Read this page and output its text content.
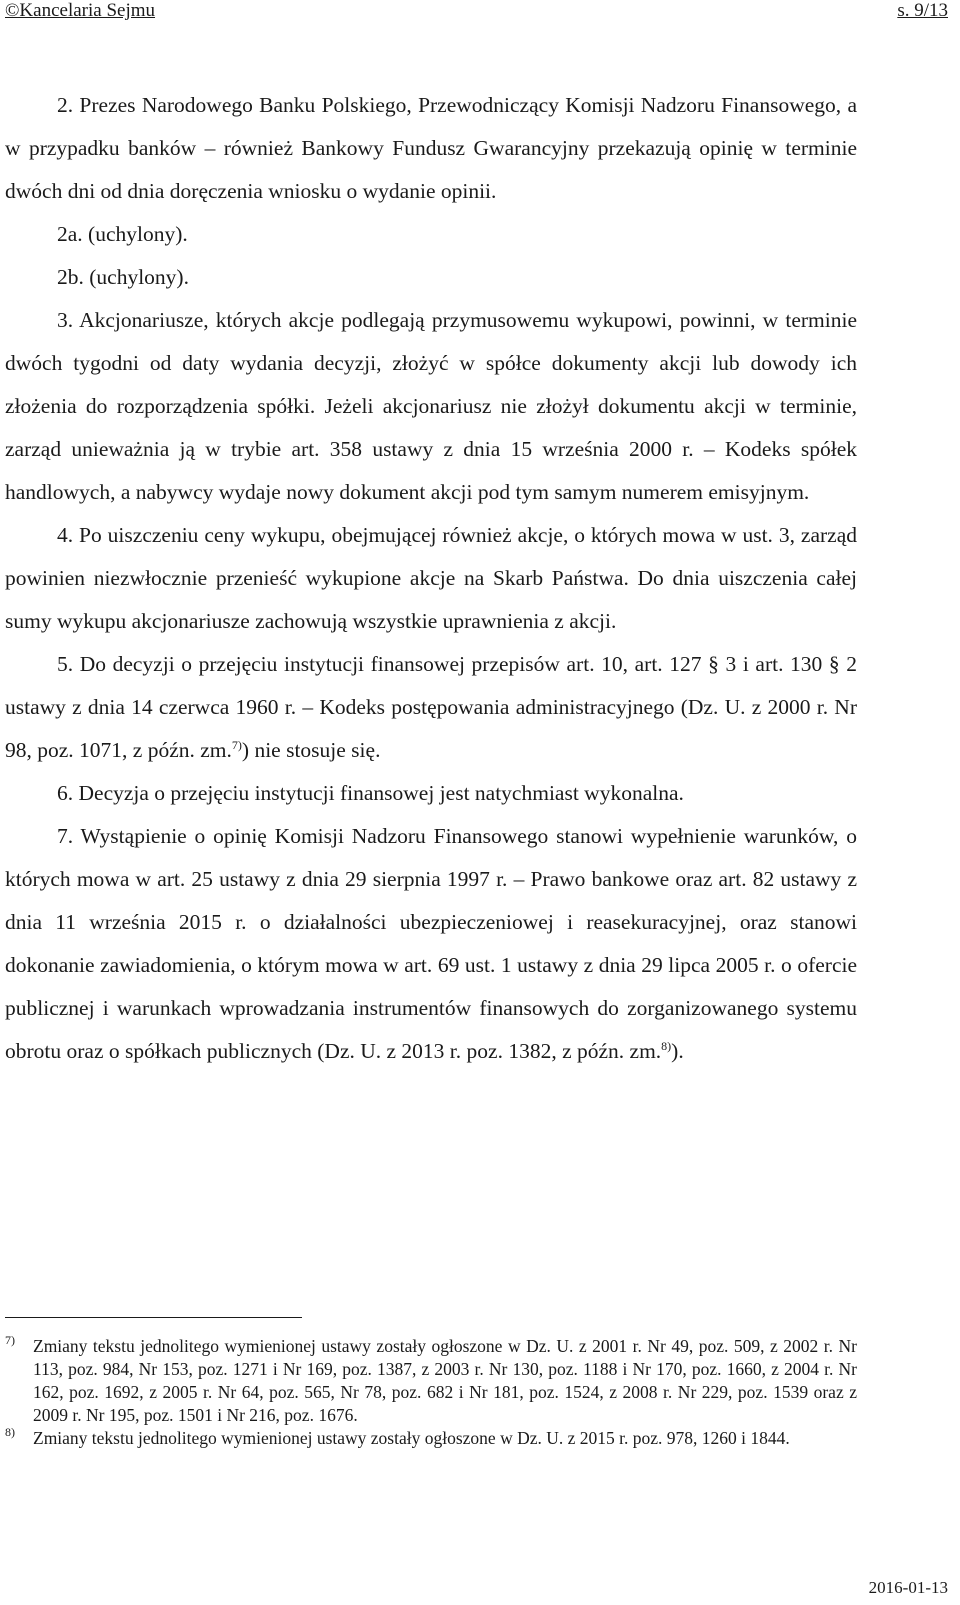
©Kancelaria Sejmu	s. 9/13

2. Prezes Narodowego Banku Polskiego, Przewodniczący Komisji Nadzoru Finansowego, a w przypadku banków – również Bankowy Fundusz Gwarancyjny przekazują opinię w terminie dwóch dni od dnia doręczenia wniosku o wydanie opinii.

2a. (uchylony).

2b. (uchylony).

3. Akcjonariusze, których akcje podlegają przymusowemu wykupowi, powinni, w terminie dwóch tygodni od daty wydania decyzji, złożyć w spółce dokumenty akcji lub dowody ich złożenia do rozporządzenia spółki. Jeżeli akcjonariusz nie złożył dokumentu akcji w terminie, zarząd unieważnia ją w trybie art. 358 ustawy z dnia 15 września 2000 r. – Kodeks spółek handlowych, a nabywcy wydaje nowy dokument akcji pod tym samym numerem emisyjnym.

4. Po uiszczeniu ceny wykupu, obejmującej również akcje, o których mowa w ust. 3, zarząd powinien niezwłocznie przenieść wykupione akcje na Skarb Państwa. Do dnia uiszczenia całej sumy wykupu akcjonariusze zachowują wszystkie uprawnienia z akcji.

5. Do decyzji o przejęciu instytucji finansowej przepisów art. 10, art. 127 § 3 i art. 130 § 2 ustawy z dnia 14 czerwca 1960 r. – Kodeks postępowania administracyjnego (Dz. U. z 2000 r. Nr 98, poz. 1071, z późn. zm.$^{7)}$) nie stosuje się.

6. Decyzja o przejęciu instytucji finansowej jest natychmiast wykonalna.

7. Wystąpienie o opinię Komisji Nadzoru Finansowego stanowi wypełnienie warunków, o których mowa w art. 25 ustawy z dnia 29 sierpnia 1997 r. – Prawo bankowe oraz art. 82 ustawy z dnia 11 września 2015 r. o działalności ubezpieczeniowej i reasekuracyjnej, oraz stanowi dokonanie zawiadomienia, o którym mowa w art. 69 ust. 1 ustawy z dnia 29 lipca 2005 r. o ofercie publicznej i warunkach wprowadzania instrumentów finansowych do zorganizowanego systemu obrotu oraz o spółkach publicznych (Dz. U. z 2013 r. poz. 1382, z późn. zm.$^{8)}$).

7) Zmiany tekstu jednolitego wymienionej ustawy zostały ogłoszone w Dz. U. z 2001 r. Nr 49, poz. 509, z 2002 r. Nr 113, poz. 984, Nr 153, poz. 1271 i Nr 169, poz. 1387, z 2003 r. Nr 130, poz. 1188 i Nr 170, poz. 1660, z 2004 r. Nr 162, poz. 1692, z 2005 r. Nr 64, poz. 565, Nr 78, poz. 682 i Nr 181, poz. 1524, z 2008 r. Nr 229, poz. 1539 oraz z 2009 r. Nr 195, poz. 1501 i Nr 216, poz. 1676.
8) Zmiany tekstu jednolitego wymienionej ustawy zostały ogłoszone w Dz. U. z 2015 r. poz. 978, 1260 i 1844.
2016-01-13
